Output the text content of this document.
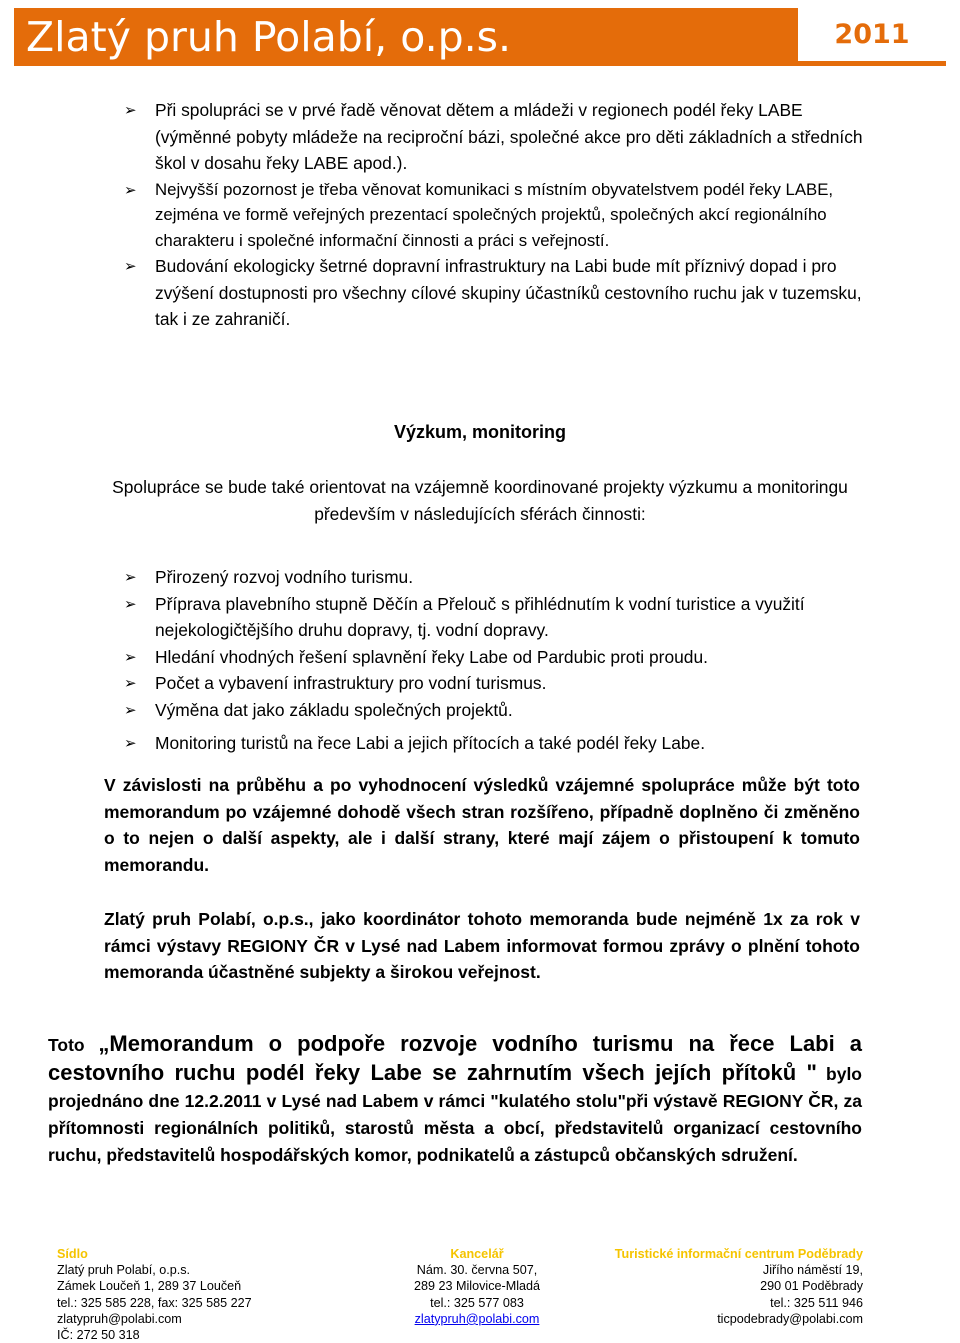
Zlatý pruh Polabí, o.p.s.	2011
➢ Při spolupráci se v prvé řadě věnovat dětem a mládeži v regionech podél řeky LABE (výměnné pobyty mládeže na reciproční bázi, společné akce pro děti základních a středních škol v dosahu řeky LABE apod.).
➢ Nejvyšší pozornost je třeba věnovat komunikaci s místním obyvatelstvem podél řeky LABE, zejména ve formě veřejných prezentací společných projektů, společných akcí regionálního charakteru i společné informační činnosti a práci s veřejností.
➢ Budování ekologicky šetrné dopravní infrastruktury na Labi bude mít příznivý dopad i pro zvýšení dostupnosti pro všechny cílové skupiny účastníků cestovního ruchu jak v tuzemsku, tak i ze zahraničí.
Výzkum, monitoring
Spolupráce se bude také orientovat na vzájemně koordinované projekty výzkumu a monitoringu především v následujících sférách činnosti:
➢ Přirozený rozvoj vodního turismu.
➢ Příprava plavebního stupně Děčín a Přelouč s přihlédnutím k vodní turistice a využití nejekologičtějšího druhu dopravy, tj. vodní dopravy.
➢ Hledání vhodných řešení splavnění řeky Labe od Pardubic proti proudu.
➢ Počet a vybavení infrastruktury pro vodní turismus.
➢ Výměna dat jako základu společných projektů.
➢ Monitoring turistů na řece Labi a jejich přítocích a také podél řeky Labe.
V závislosti na průběhu a po vyhodnocení výsledků vzájemné spolupráce může být toto memorandum po vzájemné dohodě všech stran rozšířeno, případně doplněno či změněno o to nejen o další aspekty, ale i další strany, které mají zájem o přistoupení k tomuto memorandu.
Zlatý pruh Polabí, o.p.s., jako koordinátor tohoto memoranda bude nejméně 1x za rok v rámci výstavy REGIONY ČR v Lysé nad Labem informovat formou zprávy o plnění tohoto memoranda účastněné subjekty a širokou veřejnost.
Toto „Memorandum o podpoře rozvoje vodního turismu na řece Labi a cestovního ruchu podél řeky Labe se zahrnutím všech jejích přítoků " bylo projednáno dne 12.2.2011 v Lysé nad Labem v rámci "kulatého stolu"při výstavě REGIONY ČR, za přítomnosti regionálních politiků, starostů města a obcí, představitelů organizací cestovního ruchu, představitelů hospodářských komor, podnikatelů a zástupců občanských sdružení.
Sídlo
Zlatý pruh Polabí, o.p.s.
Zámek Loučeň 1, 289 37 Loučeň
tel.: 325 585 228, fax: 325 585 227
zlatypruh@polabi.com
IČ: 272 50 318
Kancelář
Nám. 30. června 507,
289 23 Milovice-Mladá
tel.: 325 577 083
zlatypruh@polabi.com
Turistické informační centrum Poděbrady
Jiřího náměstí 19,
290 01 Poděbrady
tel.: 325 511 946
ticpodebrady@polabi.com
